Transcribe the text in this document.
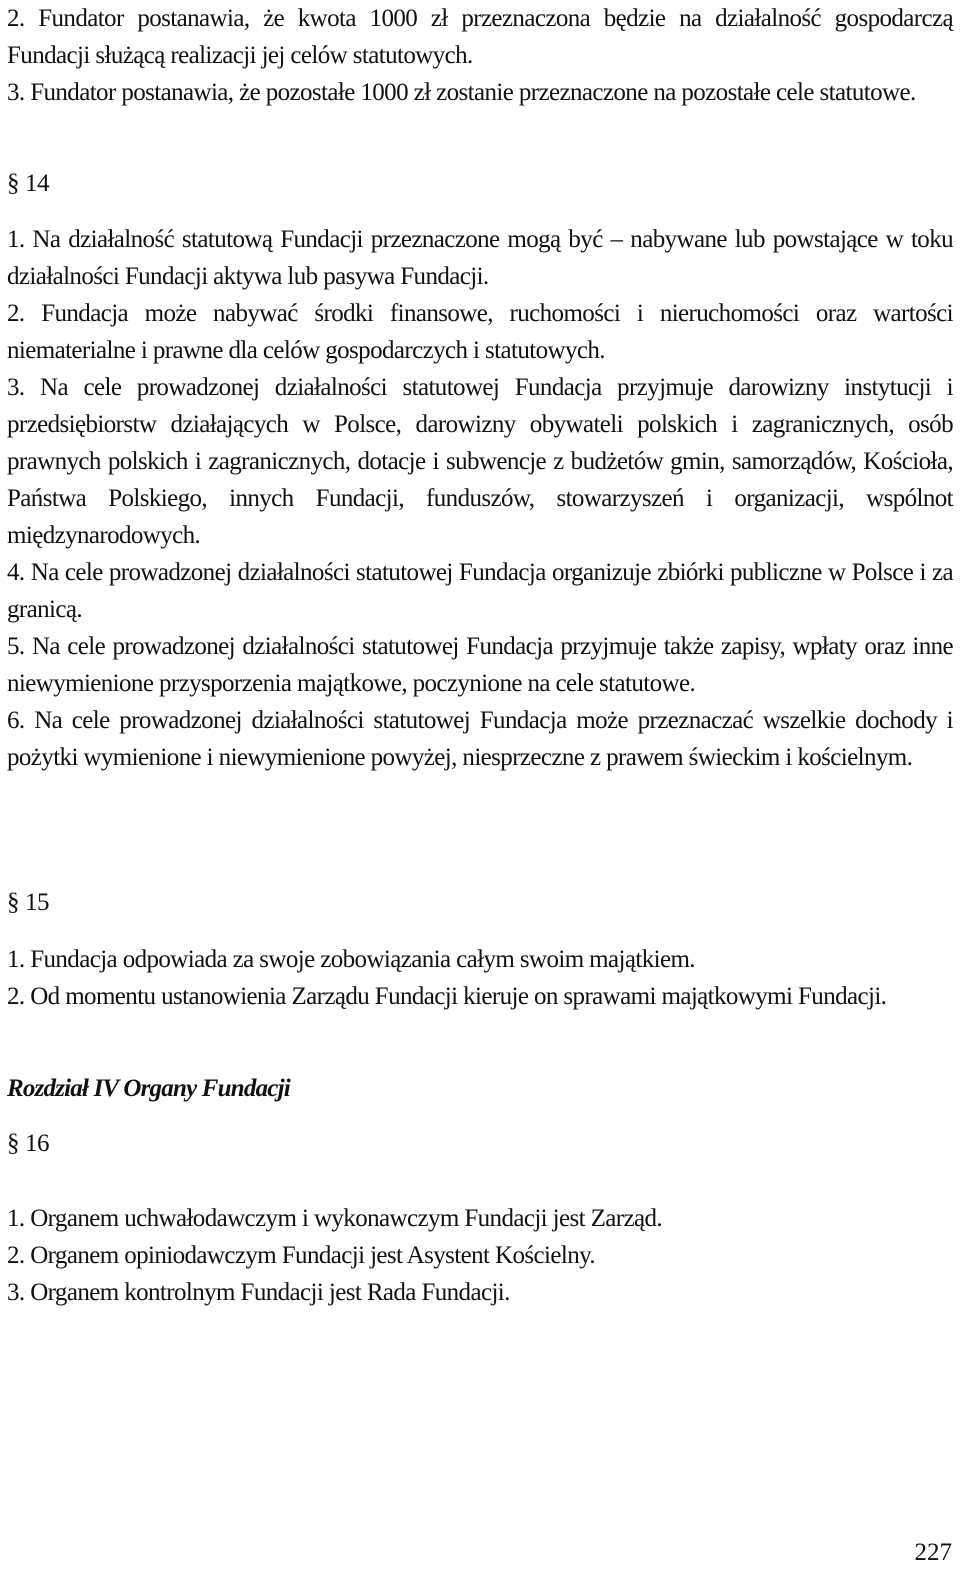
2. Fundator postanawia, że kwota 1000 zł przeznaczona będzie na działalność gospodarczą Fundacji służącą realizacji jej celów statutowych.

3. Fundator postanawia, że pozostałe 1000 zł zostanie przeznaczone na pozostałe cele statutowe.

§ 14

1. Na działalność statutową Fundacji przeznaczone mogą być – nabywane lub powstające w toku działalności Fundacji aktywa lub pasywa Fundacji.

2. Fundacja może nabywać środki finansowe, ruchomości i nieruchomości oraz wartości niematerialne i prawne dla celów gospodarczych i statutowych.

3. Na cele prowadzonej działalności statutowej Fundacja przyjmuje darowizny instytucji i przedsiębiorstw działających w Polsce, darowizny obywateli polskich i zagranicznych, osób prawnych polskich i zagranicznych, dotacje i subwencje z budżetów gmin, samorządów, Kościoła, Państwa Polskiego, innych Fundacji, funduszów, stowarzyszeń i organizacji, wspólnot międzynarodowych.

4. Na cele prowadzonej działalności statutowej Fundacja organizuje zbiórki publiczne w Polsce i za granicą.

5. Na cele prowadzonej działalności statutowej Fundacja przyjmuje także zapisy, wpłaty oraz inne niewymienione przysporzenia majątkowe, poczynione na cele statutowe.

6. Na cele prowadzonej działalności statutowej Fundacja może przeznaczać wszelkie dochody i pożytki wymienione i niewymienione powyżej, niesprzeczne z prawem świeckim i kościelnym.

§ 15

1. Fundacja odpowiada za swoje zobowiązania całym swoim majątkiem.

2. Od momentu ustanowienia Zarządu Fundacji kieruje on sprawami majątkowymi Fundacji.

Rozdział IV Organy Fundacji
§ 16

1. Organem uchwałodawczym i wykonawczym Fundacji jest Zarząd.

2. Organem opiniodawczym Fundacji jest Asystent Kościelny.

3. Organem kontrolnym Fundacji jest Rada Fundacji.

227
